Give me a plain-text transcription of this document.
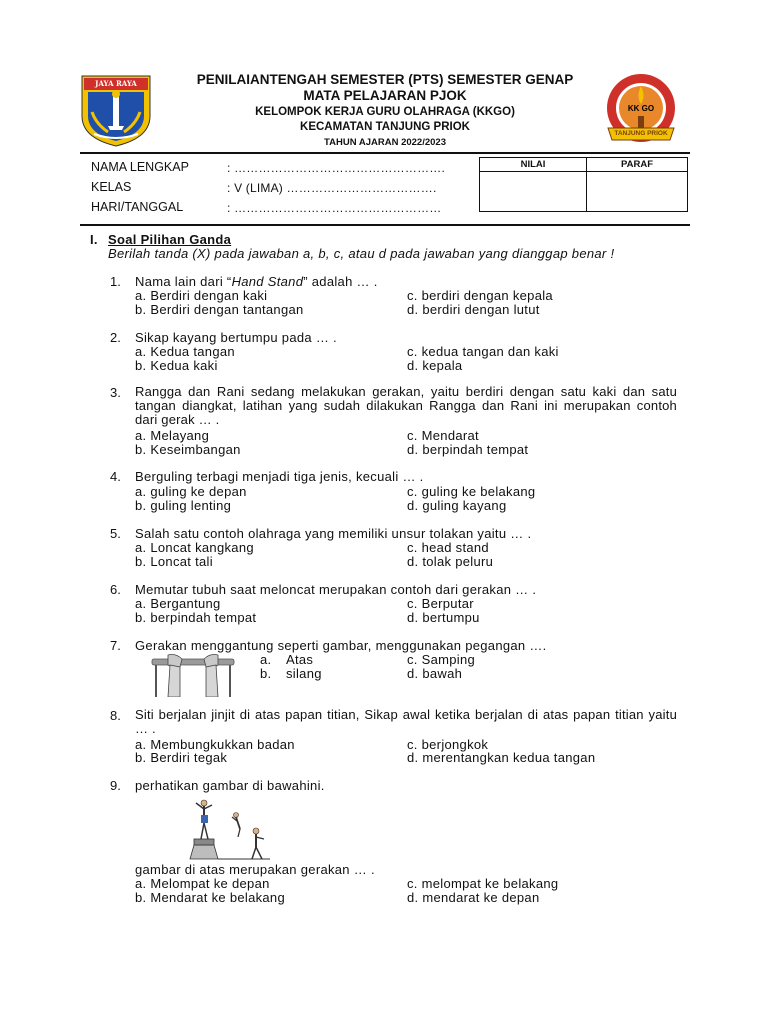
JAYA RAYA
KK GO
TANJUNG PRIOK
PENILAIANTENGAH SEMESTER (PTS) SEMESTER GENAP
MATA PELAJARAN PJOK
KELOMPOK KERJA GURU OLAHRAGA (KKGO)
KECAMATAN TANJUNG PRIOK
TAHUN AJARAN 2022/2023
NAMA LENGKAP	: …………………………………………….
KELAS	: V (LIMA) ……………………………….
HARI/TANGGAL	: ……………………………………………
NILAI	PARAF

I. Soal Pilihan Ganda
Berilah tanda (X) pada jawaban a, b, c, atau d pada jawaban yang dianggap benar !
1. Nama lain dari “Hand Stand” adalah … .
a. Berdiri dengan kaki	c. berdiri dengan kepala
b. Berdiri dengan tantangan	d. berdiri dengan lutut
2. Sikap kayang bertumpu pada … .
a. Kedua tangan	c. kedua tangan dan kaki
b. Kedua kaki	d. kepala
3. Rangga dan Rani sedang melakukan gerakan, yaitu berdiri dengan satu kaki dan satu tangan diangkat, latihan yang sudah dilakukan Rangga dan Rani ini merupakan contoh dari gerak … .
a. Melayang	c. Mendarat
b. Keseimbangan	d. berpindah tempat
4. Berguling terbagi menjadi tiga jenis, kecuali … .
a. guling ke depan	c. guling ke belakang
b. guling lenting	d. guling kayang
5. Salah satu contoh olahraga yang memiliki unsur tolakan yaitu … .
a. Loncat kangkang	c. head stand
b. Loncat tali	d. tolak peluru
6. Memutar tubuh saat meloncat merupakan contoh dari gerakan … .
a. Bergantung	c. Berputar
b. berpindah tempat	d. bertumpu
7. Gerakan menggantung seperti gambar, menggunakan pegangan ….
a. Atas	c. Samping
b. silang	d. bawah
8. Siti berjalan jinjit di atas papan titian, Sikap awal ketika berjalan di atas papan titian yaitu … .
a. Membungkukkan badan	c. berjongkok
b. Berdiri tegak	d. merentangkan kedua tangan
9. perhatikan gambar di bawahini.
gambar di atas merupakan gerakan … .
a. Melompat ke depan	c. melompat ke belakang
b. Mendarat ke belakang	d. mendarat ke depan
